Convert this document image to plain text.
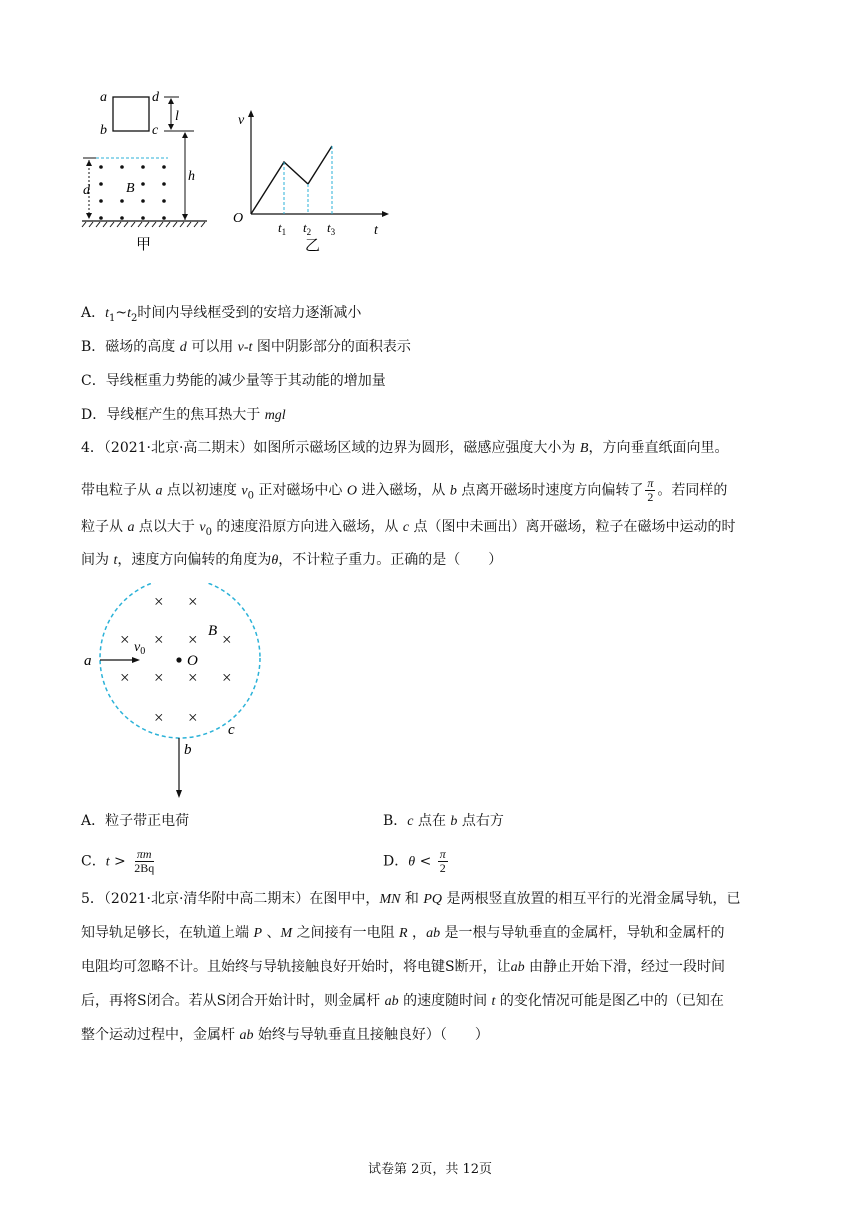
a
b	c
d
l
h
d	B
甲
v
t
O
$t_1$ $t_2$ $t_3$
乙
A．$t_1\sim t_2$时间内导线框受到的安培力逐渐减小
B．磁场的高度 d 可以用 v-t 图中阴影部分的面积表示
C．导线框重力势能的减少量等于其动能的增加量
D．导线框产生的焦耳热大于 mgl
4．（2021·北京·高二期末）如图所示磁场区域的边界为圆形，磁感应强度大小为 B，方向垂直纸面向里。
带电粒子从 a 点以初速度 $v_0$ 正对磁场中心 O 进入磁场，从 b 点离开磁场时速度方向偏转了 $\frac{\pi}{2}$ 。若同样的
粒子从 a 点以大于 $v_0$ 的速度沿原方向进入磁场，从 c 点（图中未画出）离开磁场，粒子在磁场中运动的时
间为 t，速度方向偏转的角度为θ，不计粒子重力。正确的是（　　）
× ×
× × × ×
× × × ×
× ×
a
$v_0$
O
B
b
c
A．粒子带正电荷	B．c 点在 b 点右方
C．$t > \frac{\pi m}{2Bq}$	D．$\theta < \frac{\pi}{2}$
5．（2021·北京·清华附中高二期末）在图甲中，MN 和 PQ 是两根竖直放置的相互平行的光滑金属导轨，已
知导轨足够长，在轨道上端 P 、M 之间接有一电阻 R ，ab 是一根与导轨垂直的金属杆，导轨和金属杆的
电阻均可忽略不计。且始终与导轨接触良好开始时，将电键S断开，让ab 由静止开始下滑，经过一段时间
后，再将S闭合。若从S闭合开始计时，则金属杆 ab 的速度随时间 t 的变化情况可能是图乙中的（已知在
整个运动过程中，金属杆 ab 始终与导轨垂直且接触良好）（　　）
试卷第 2页，共 12页
